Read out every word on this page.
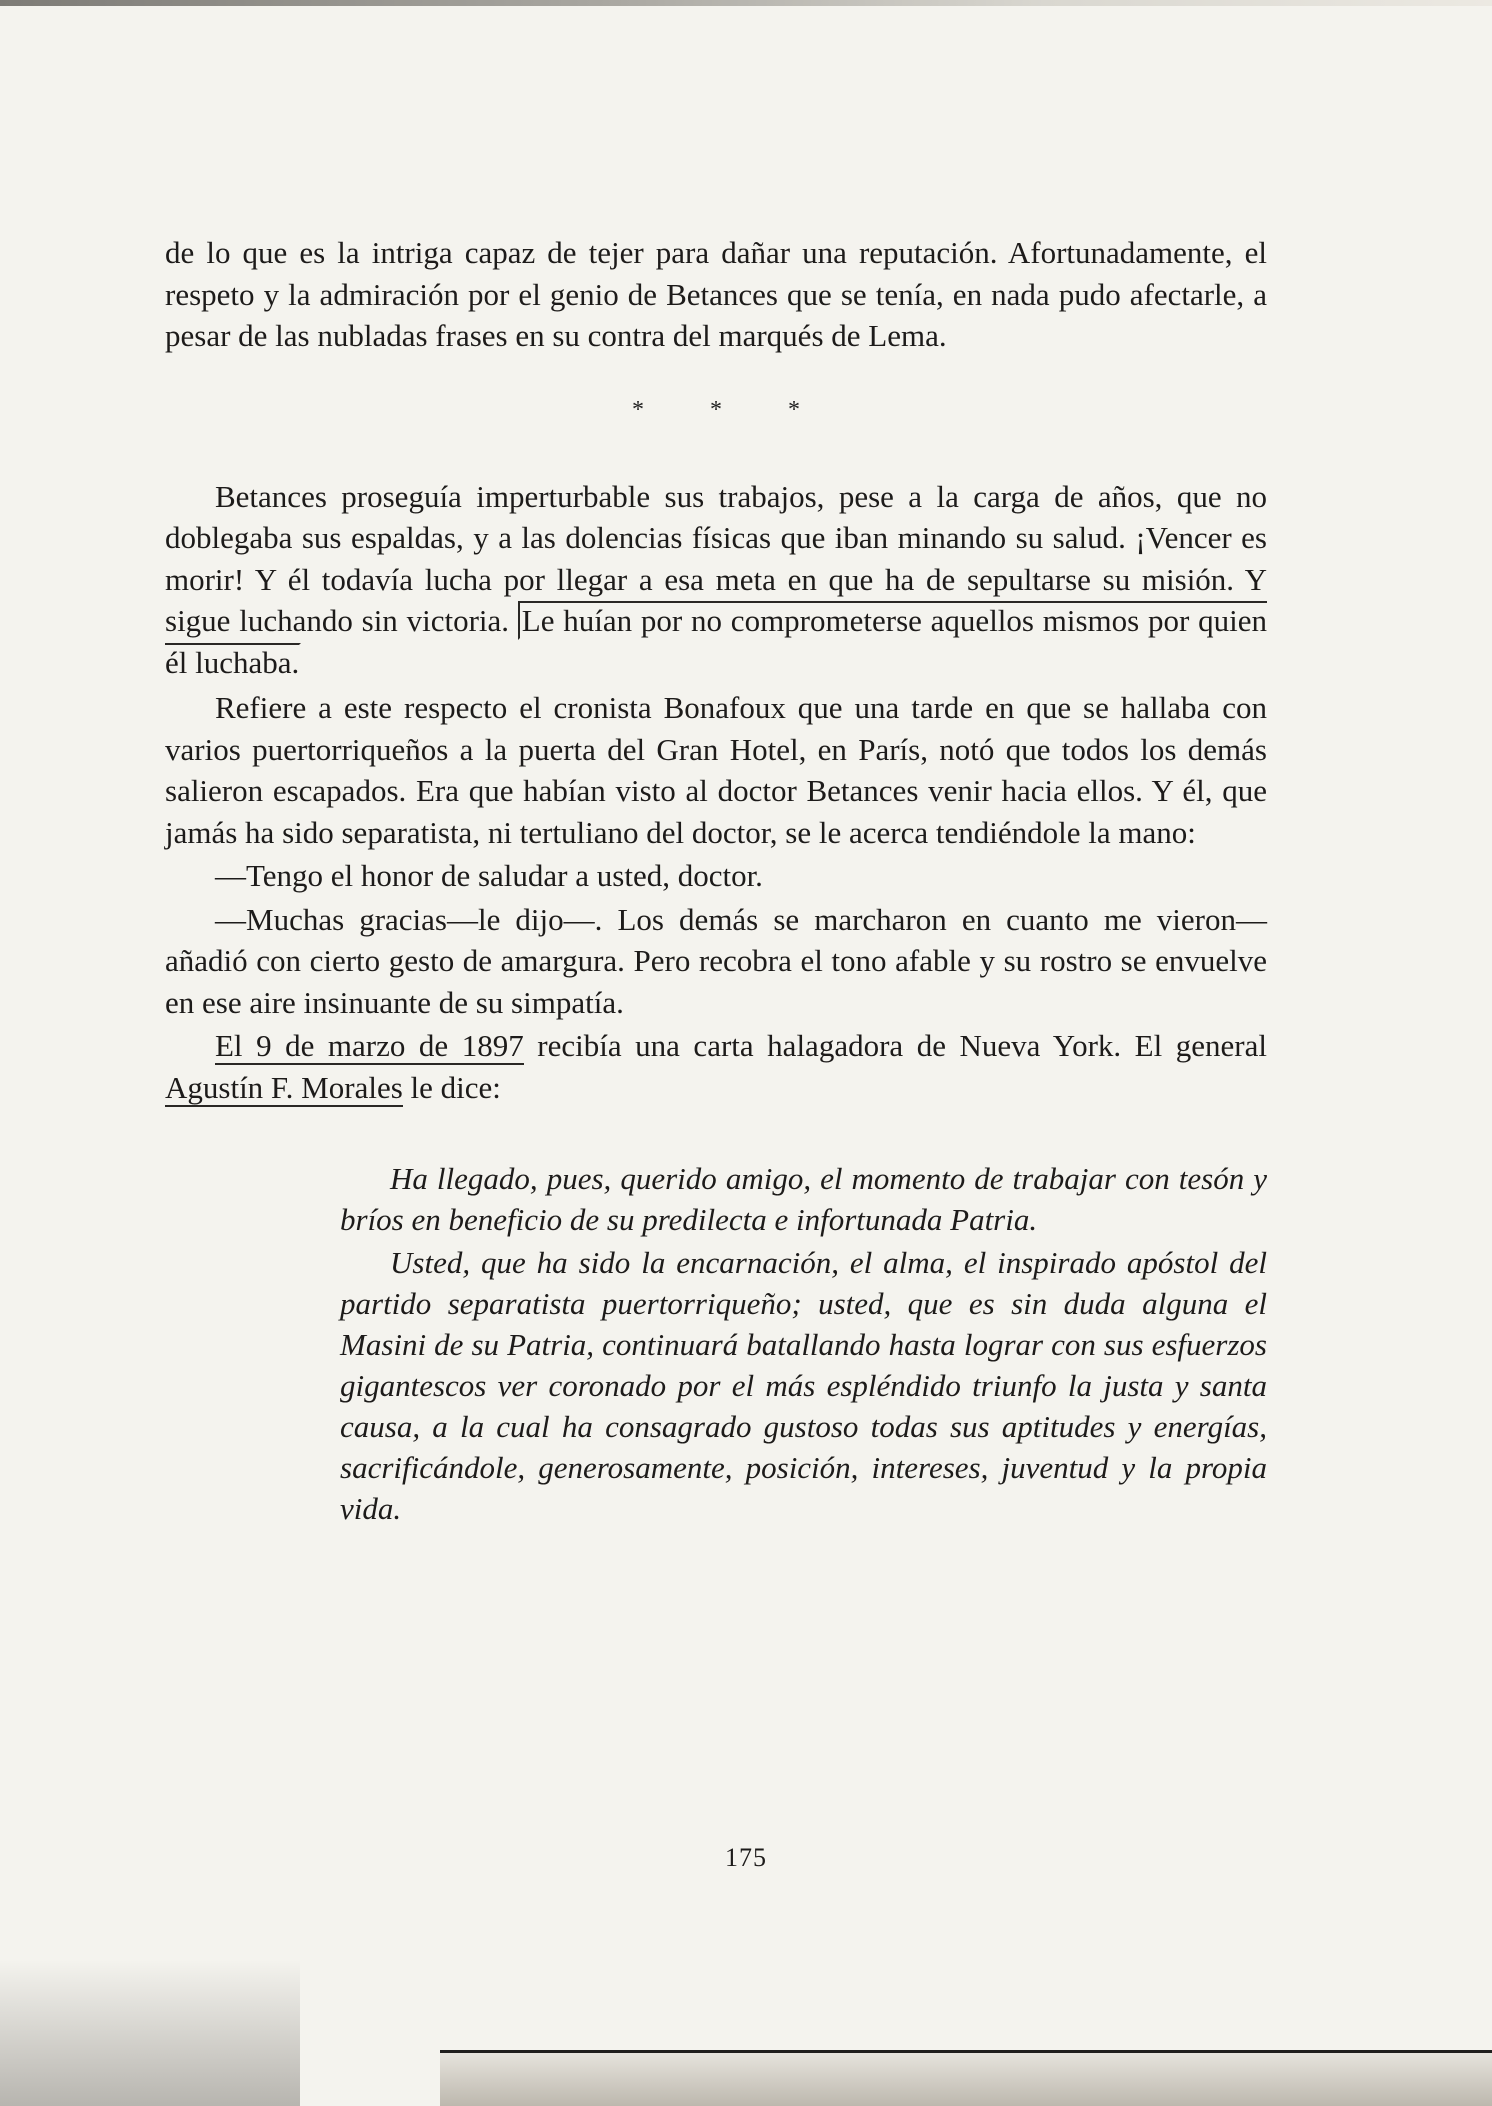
de lo que es la intriga capaz de tejer para dañar una reputación. Afortunadamente, el respeto y la admiración por el genio de Betances que se tenía, en nada pudo afectarle, a pesar de las nubladas frases en su contra del marqués de Lema.

* * *

Betances proseguía imperturbable sus trabajos, pese a la carga de años, que no doblegaba sus espaldas, y a las dolencias físicas que iban minando su salud. ¡Vencer es morir! Y él todavía lucha por llegar a esa meta en que ha de sepultarse su misión. Y sigue luchando sin victoria. Le huían por no comprometerse aquellos mismos por quien él luchaba.

Refiere a este respecto el cronista Bonafoux que una tarde en que se hallaba con varios puertorriqueños a la puerta del Gran Hotel, en París, notó que todos los demás salieron escapados. Era que habían visto al doctor Betances venir hacia ellos. Y él, que jamás ha sido separatista, ni tertuliano del doctor, se le acerca tendiéndole la mano:

—Tengo el honor de saludar a usted, doctor.

—Muchas gracias—le dijo—. Los demás se marcharon en cuanto me vieron—añadió con cierto gesto de amargura. Pero recobra el tono afable y su rostro se envuelve en ese aire insinuante de su simpatía.

El 9 de marzo de 1897 recibía una carta halagadora de Nueva York. El general Agustín F. Morales le dice:

Ha llegado, pues, querido amigo, el momento de trabajar con tesón y bríos en beneficio de su predilecta e infortunada Patria.

Usted, que ha sido la encarnación, el alma, el inspirado apóstol del partido separatista puertorriqueño; usted, que es sin duda alguna el Masini de su Patria, continuará batallando hasta lograr con sus esfuerzos gigantescos ver coronado por el más espléndido triunfo la justa y santa causa, a la cual ha consagrado gustoso todas sus aptitudes y energías, sacrificándole, generosamente, posición, intereses, juventud y la propia vida.

175
